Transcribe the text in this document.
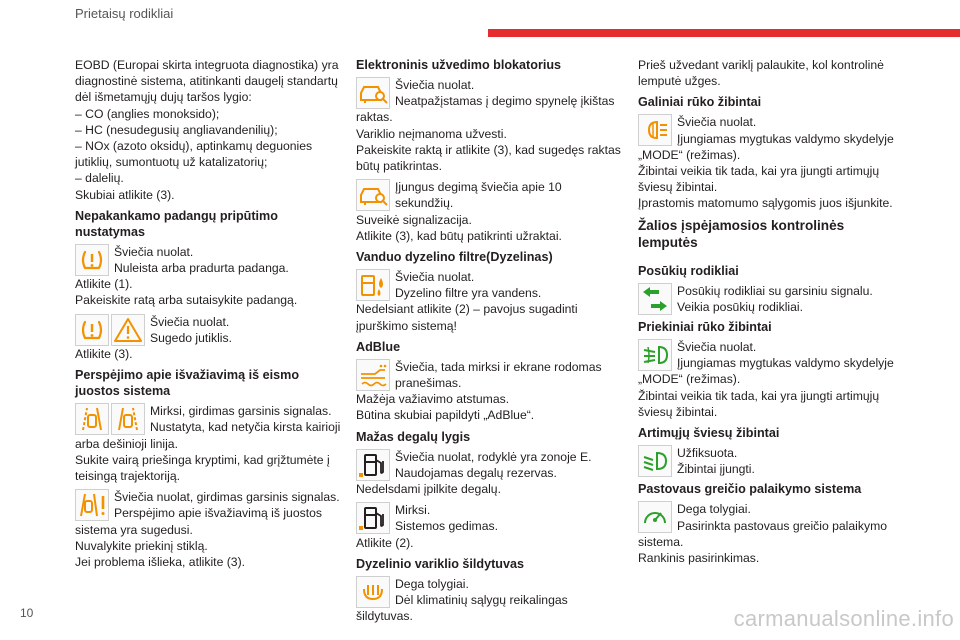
Prietaisų rodikliai
EOBD (Europai skirta integruota diagnostika) yra diagnostinė sistema, atitinkanti daugelį standartų dėl išmetamųjų dujų taršos lygio:
– CO (anglies monoksido);
– HC (nesudegusių angliavandenilių);
– NOx (azoto oksidų), aptinkamų deguonies jutiklių, sumontuotų už katalizatorių;
– dalelių.
Skubiai atlikite (3).
Nepakankamo padangų pripūtimo nustatymas
Šviečia nuolat.
Nuleista arba pradurta padanga.
Atlikite (1).
Pakeiskite ratą arba sutaisykite padangą.
Šviečia nuolat.
Sugedo jutiklis.
Atlikite (3).
Perspėjimo apie išvažiavimą iš eismo juostos sistema
Mirksi, girdimas garsinis signalas.
Nustatyta, kad netyčia kirsta kairioji
arba dešinioji linija.
Sukite vairą priešinga kryptimi, kad grįžtumėte į teisingą trajektoriją.
Šviečia nuolat, girdimas garsinis signalas.
Perspėjimo apie išvažiavimą iš juostos
sistema yra sugedusi.
Nuvalykite priekinį stiklą.
Jei problema išlieka, atlikite (3).
Elektroninis užvedimo blokatorius
Šviečia nuolat.
Neatpažįstamas į degimo spynelę įkištas
raktas.
Variklio neįmanoma užvesti.
Pakeiskite raktą ir atlikite (3), kad sugedęs raktas būtų patikrintas.
Įjungus degimą šviečia apie 10
sekundžių.
Suveikė signalizacija.
Atlikite (3), kad būtų patikrinti užraktai.
Vanduo dyzelino filtre(Dyzelinas)
Šviečia nuolat.
Dyzelino filtre yra vandens.
Nedelsiant atlikite (2) – pavojus sugadinti įpurškimo sistemą!
AdBlue
Šviečia, tada mirksi ir ekrane rodomas
pranešimas.
Mažėja važiavimo atstumas.
Būtina skubiai papildyti „AdBlue“.
Mažas degalų lygis
Šviečia nuolat, rodyklė yra zonoje E.
Naudojamas degalų rezervas.
Nedelsdami įpilkite degalų.
Mirksi.
Sistemos gedimas.
Atlikite (2).
Dyzelinio variklio šildytuvas
Dega tolygiai.
Dėl klimatinių sąlygų reikalingas
šildytuvas.
Prieš užvedant variklį palaukite, kol kontrolinė lemputė užges.
Galiniai rūko žibintai
Šviečia nuolat.
Įjungiamas mygtukas valdymo skydelyje
„MODE“ (režimas).
Žibintai veikia tik tada, kai yra įjungti artimųjų šviesų žibintai.
Įprastomis matomumo sąlygomis juos išjunkite.
Žalios įspėjamosios kontrolinės lemputės
Posūkių rodikliai
Posūkių rodikliai su garsiniu signalu.
Veikia posūkių rodikliai.
Priekiniai rūko žibintai
Šviečia nuolat.
Įjungiamas mygtukas valdymo skydelyje
„MODE“ (režimas).
Žibintai veikia tik tada, kai yra įjungti artimųjų šviesų žibintai.
Artimųjų šviesų žibintai
Užfiksuota.
Žibintai įjungti.
Pastovaus greičio palaikymo sistema
Dega tolygiai.
Pasirinkta pastovaus greičio palaikymo
sistema.
Rankinis pasirinkimas.
10	carmanualsonline.info
